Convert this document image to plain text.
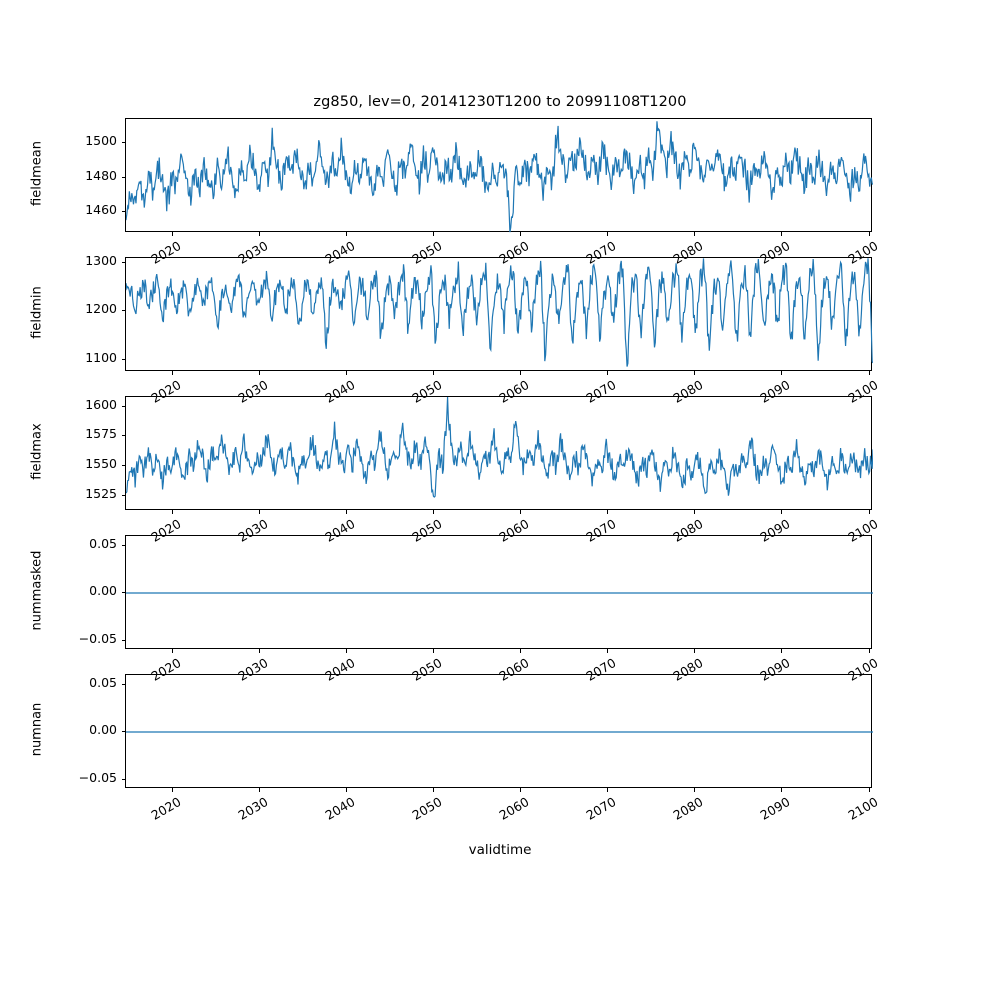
zg850, lev=0, 20141230T1200 to 20991108T1200
validtime
1460
1480
1500
fieldmean
2020	2030	2040	2050	2060	2070	2080	2090	2100
1100
1200
1300
fieldmin
2020	2030	2040	2050	2060	2070	2080	2090	2100
1525
1550
1575
1600
fieldmax
2020	2030	2040	2050	2060	2070	2080	2090	2100
−0.05
0.00
0.05
nummasked
2020	2030	2040	2050	2060	2070	2080	2090	2100
−0.05
0.00
0.05
numnan
2020	2030	2040	2050	2060	2070	2080	2090	2100
